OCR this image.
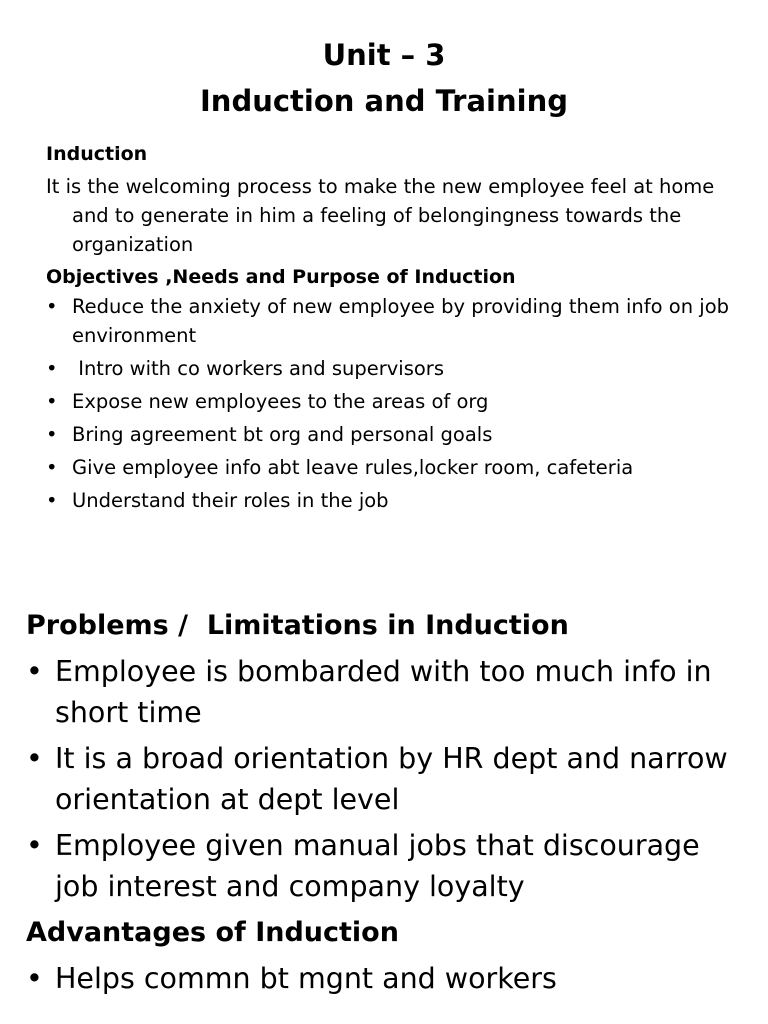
Unit – 3
Induction and Training

Induction

It is the welcoming process to make the new employee feel at home and to generate in him a feeling of belongingness towards the organization

Objectives ,Needs and Purpose of Induction

• Reduce the anxiety of new employee by providing them info on job environment
• Intro with co workers and supervisors
• Expose new employees to the areas of org
• Bring agreement bt org and personal goals
• Give employee info abt leave rules,locker room, cafeteria
• Understand their roles in the job

Problems /  Limitations in Induction

• Employee is bombarded with too much info in short time
• It is a broad orientation by HR dept and narrow orientation at dept level
• Employee given manual jobs that discourage job interest and company loyalty

Advantages of Induction

• Helps commn bt mgnt and workers
